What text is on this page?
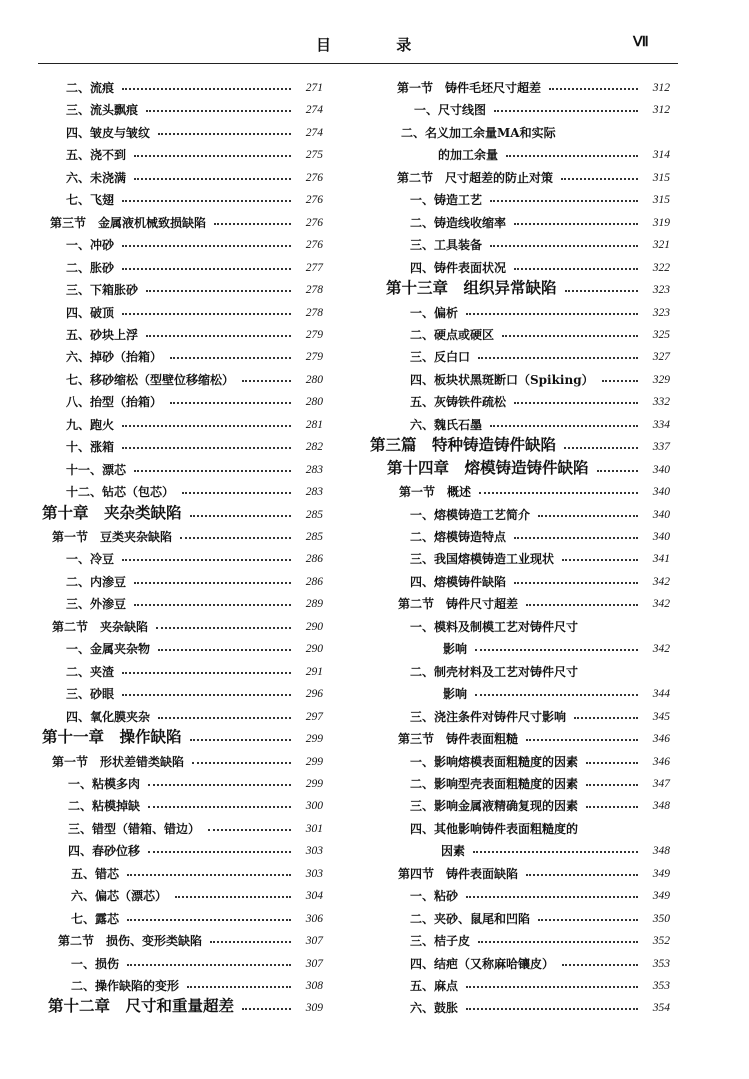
目 录	Ⅶ
二、流痕	271
三、流头飘痕	274
四、皱皮与皱纹	274
五、浇不到	275
六、未浇满	276
七、飞翅	276
第三节　金属液机械致损缺陷	276
一、冲砂	276
二、胀砂	277
三、下箱胀砂	278
四、破顶	278
五、砂块上浮	279
六、掉砂（抬箱）	279
七、移砂缩松（型壁位移缩松）	280
八、抬型（抬箱）	280
九、跑火	281
十、涨箱	282
十一、漂芯	283
十二、钻芯（包芯）	283
第十章　夹杂类缺陷	285
第一节　豆类夹杂缺陷	285
一、冷豆	286
二、内渗豆	286
三、外渗豆	289
第二节　夹杂缺陷	290
一、金属夹杂物	290
二、夹渣	291
三、砂眼	296
四、氧化膜夹杂	297
第十一章　操作缺陷	299
第一节　形状差错类缺陷	299
一、粘模多肉	299
二、粘模掉缺	300
三、错型（错箱、错边）	301
四、春砂位移	303
五、错芯	303
六、偏芯（漂芯）	304
七、露芯	306
第二节　损伤、变形类缺陷	307
一、损伤	307
二、操作缺陷的变形	308
第十二章　尺寸和重量超差	309
第一节　铸件毛坯尺寸超差	312
一、尺寸线图	312
二、名义加工余量MA和实际
的加工余量	314
第二节　尺寸超差的防止对策	315
一、铸造工艺	315
二、铸造线收缩率	319
三、工具装备	321
四、铸件表面状况	322
第十三章　组织异常缺陷	323
一、偏析	323
二、硬点或硬区	325
三、反白口	327
四、板块状黑斑断口（Spiking）	329
五、灰铸铁件疏松	332
六、魏氏石墨	334
第三篇　特种铸造铸件缺陷	337
第十四章　熔模铸造铸件缺陷	340
第一节　概述	340
一、熔模铸造工艺简介	340
二、熔模铸造特点	340
三、我国熔模铸造工业现状	341
四、熔模铸件缺陷	342
第二节　铸件尺寸超差	342
一、模料及制模工艺对铸件尺寸
影响	342
二、制壳材料及工艺对铸件尺寸
影响	344
三、浇注条件对铸件尺寸影响	345
第三节　铸件表面粗糙	346
一、影响熔模表面粗糙度的因素	346
二、影响型壳表面粗糙度的因素	347
三、影响金属液精确复现的因素	348
四、其他影响铸件表面粗糙度的
因素	348
第四节　铸件表面缺陷	349
一、粘砂	349
二、夹砂、鼠尾和凹陷	350
三、桔子皮	352
四、结疤（又称麻哈镶皮）	353
五、麻点	353
六、鼓胀	354
